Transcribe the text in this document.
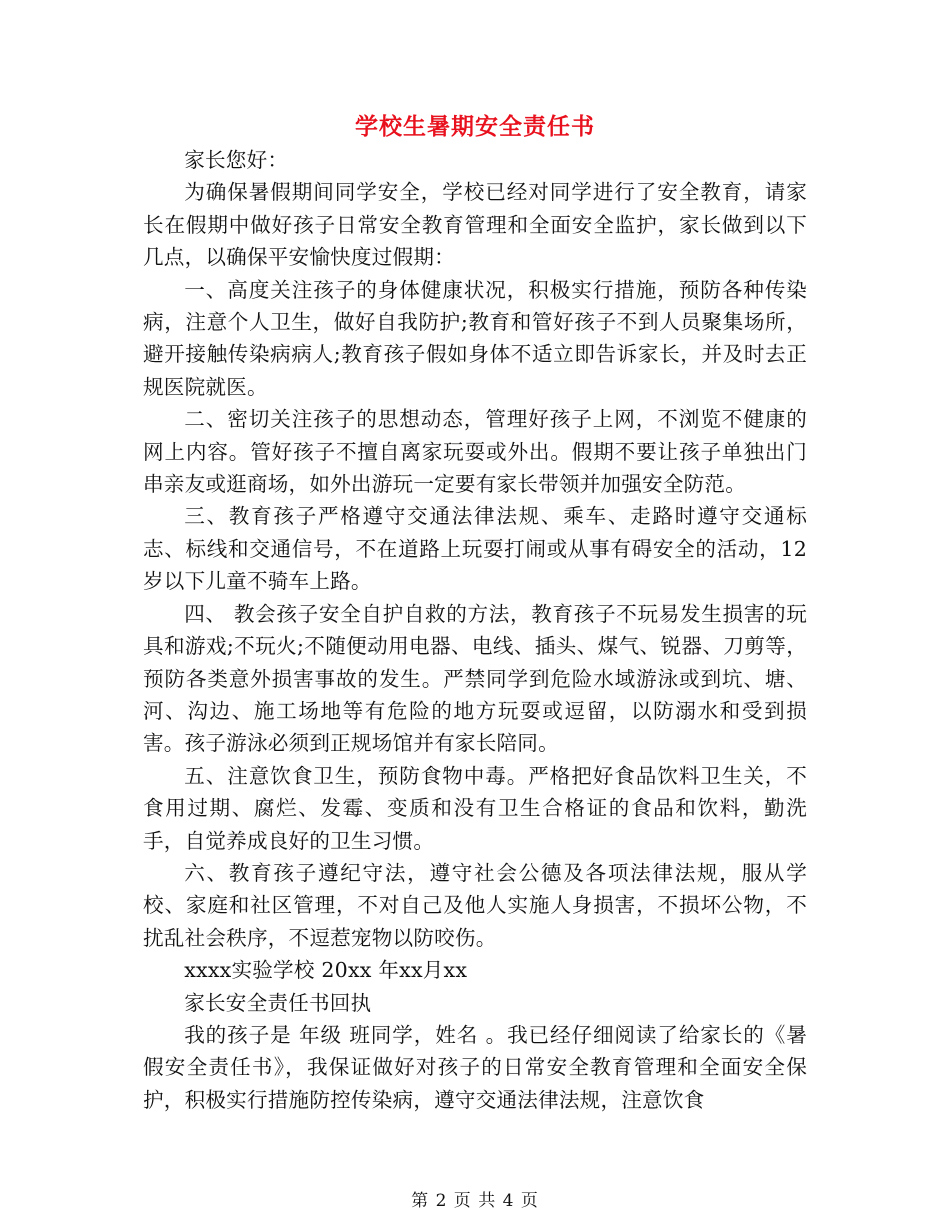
学校生暑期安全责任书

家长您好：

为确保暑假期间同学安全，学校已经对同学进行了安全教育，请家长在假期中做好孩子日常安全教育管理和全面安全监护，家长做到以下几点，以确保平安愉快度过假期：

一、高度关注孩子的身体健康状况，积极实行措施，预防各种传染病，注意个人卫生，做好自我防护;教育和管好孩子不到人员聚集场所，避开接触传染病病人;教育孩子假如身体不适立即告诉家长，并及时去正规医院就医。

二、密切关注孩子的思想动态，管理好孩子上网，不浏览不健康的网上内容。管好孩子不擅自离家玩耍或外出。假期不要让孩子单独出门串亲友或逛商场，如外出游玩一定要有家长带领并加强安全防范。

三、教育孩子严格遵守交通法律法规、乘车、走路时遵守交通标志、标线和交通信号，不在道路上玩耍打闹或从事有碍安全的活动，12岁以下儿童不骑车上路。

四、 教会孩子安全自护自救的方法，教育孩子不玩易发生损害的玩具和游戏;不玩火;不随便动用电器、电线、插头、煤气、锐器、刀剪等，预防各类意外损害事故的发生。严禁同学到危险水域游泳或到坑、塘、河、沟边、施工场地等有危险的地方玩耍或逗留，以防溺水和受到损害。孩子游泳必须到正规场馆并有家长陪同。

五、注意饮食卫生，预防食物中毒。严格把好食品饮料卫生关，不食用过期、腐烂、发霉、变质和没有卫生合格证的食品和饮料，勤洗手，自觉养成良好的卫生习惯。

六、教育孩子遵纪守法，遵守社会公德及各项法律法规，服从学校、家庭和社区管理，不对自己及他人实施人身损害，不损坏公物，不扰乱社会秩序，不逗惹宠物以防咬伤。

xxxx实验学校 20xx 年xx月xx

家长安全责任书回执

我的孩子是 年级 班同学，姓名 。我已经仔细阅读了给家长的《暑假安全责任书》，我保证做好对孩子的日常安全教育管理和全面安全保护，积极实行措施防控传染病，遵守交通法律法规，注意饮食

第 2 页 共 4 页
